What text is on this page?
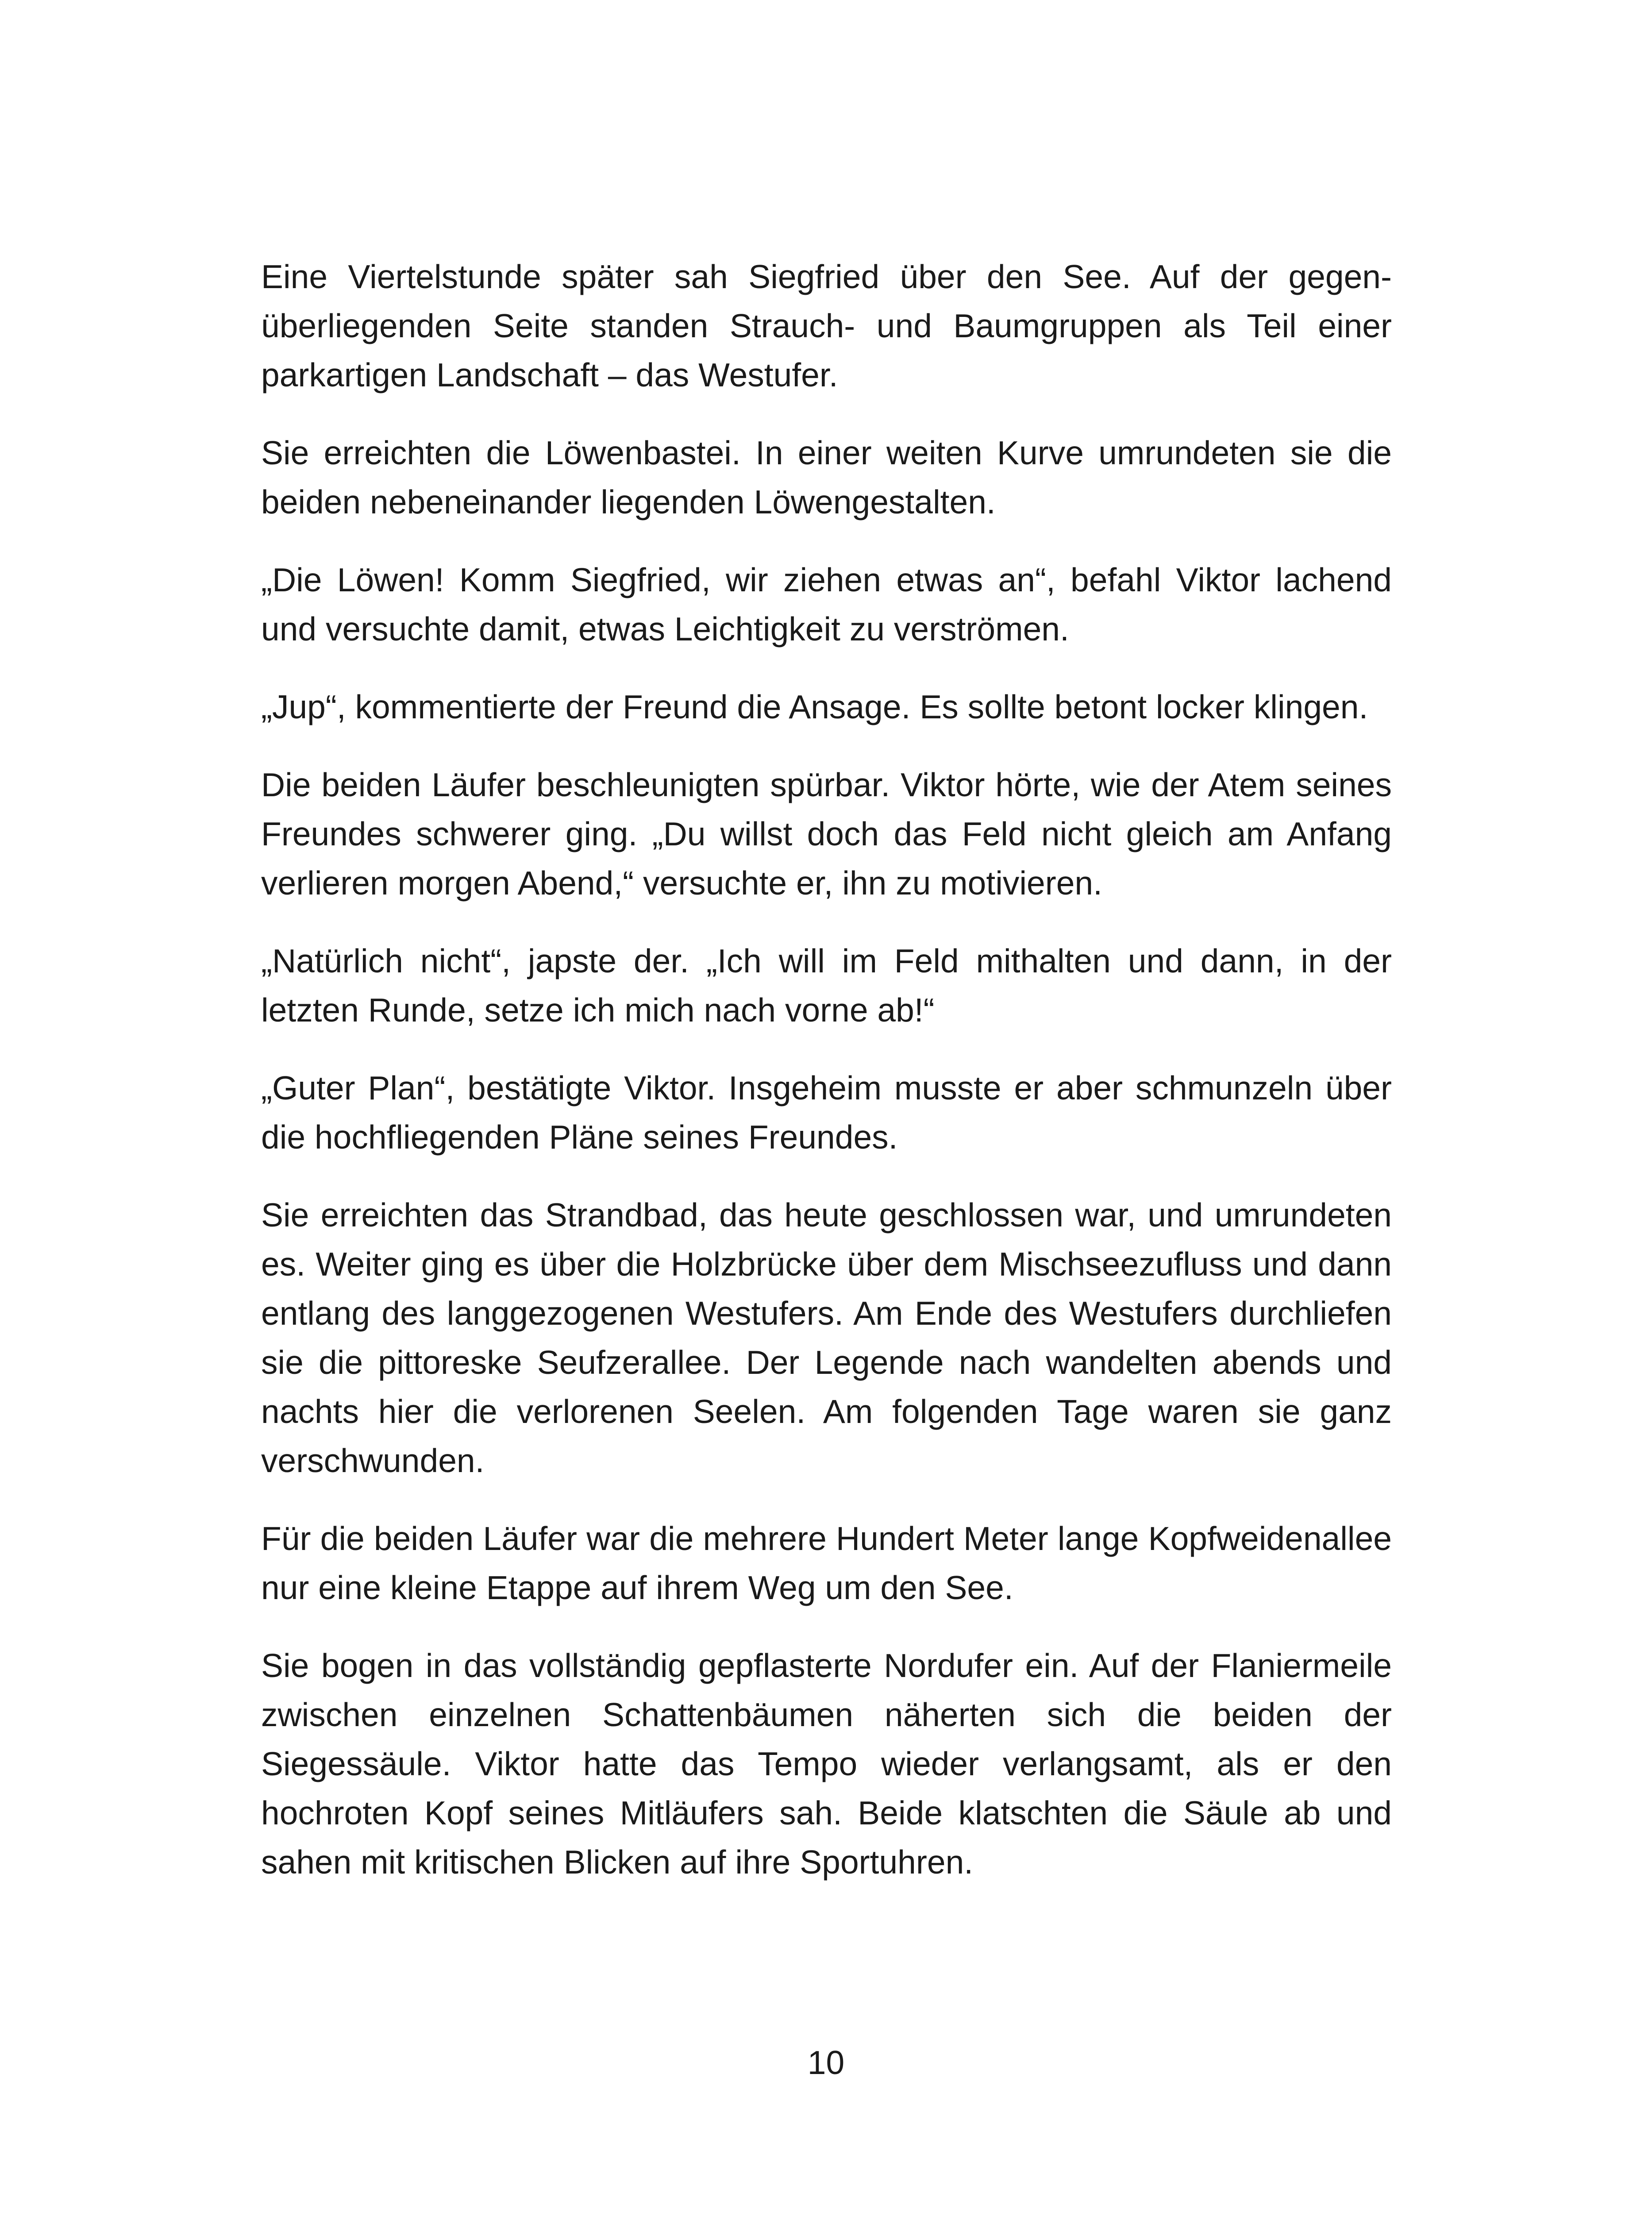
Eine Viertelstunde später sah Siegfried über den See. Auf der gegenüberliegenden Seite standen Strauch- und Baumgruppen als Teil einer parkartigen Landschaft – das Westufer.

Sie erreichten die Löwenbastei. In einer weiten Kurve umrundeten sie die beiden nebeneinander liegenden Löwengestalten.

„Die Löwen! Komm Siegfried, wir ziehen etwas an“, befahl Viktor lachend und versuchte damit, etwas Leichtigkeit zu verströmen.

„Jup“, kommentierte der Freund die Ansage. Es sollte betont locker klingen.

Die beiden Läufer beschleunigten spürbar. Viktor hörte, wie der Atem seines Freundes schwerer ging. „Du willst doch das Feld nicht gleich am Anfang verlieren morgen Abend,“ versuchte er, ihn zu motivieren.

„Natürlich nicht“, japste der. „Ich will im Feld mithalten und dann, in der letzten Runde, setze ich mich nach vorne ab!“

„Guter Plan“, bestätigte Viktor. Insgeheim musste er aber schmunzeln über die hochfliegenden Pläne seines Freundes.

Sie erreichten das Strandbad, das heute geschlossen war, und umrundeten es. Weiter ging es über die Holzbrücke über dem Mischseezufluss und dann entlang des langgezogenen Westufers. Am Ende des Westufers durchliefen sie die pittoreske Seufzerallee. Der Legende nach wandelten abends und nachts hier die verlorenen Seelen. Am folgenden Tage waren sie ganz verschwunden.

Für die beiden Läufer war die mehrere Hundert Meter lange Kopfweidenallee nur eine kleine Etappe auf ihrem Weg um den See.

Sie bogen in das vollständig gepflasterte Nordufer ein. Auf der Flaniermeile zwischen einzelnen Schattenbäumen näherten sich die beiden der Siegessäule. Viktor hatte das Tempo wieder verlangsamt, als er den hochroten Kopf seines Mitläufers sah. Beide klatschten die Säule ab und sahen mit kritischen Blicken auf ihre Sportuhren.

10
